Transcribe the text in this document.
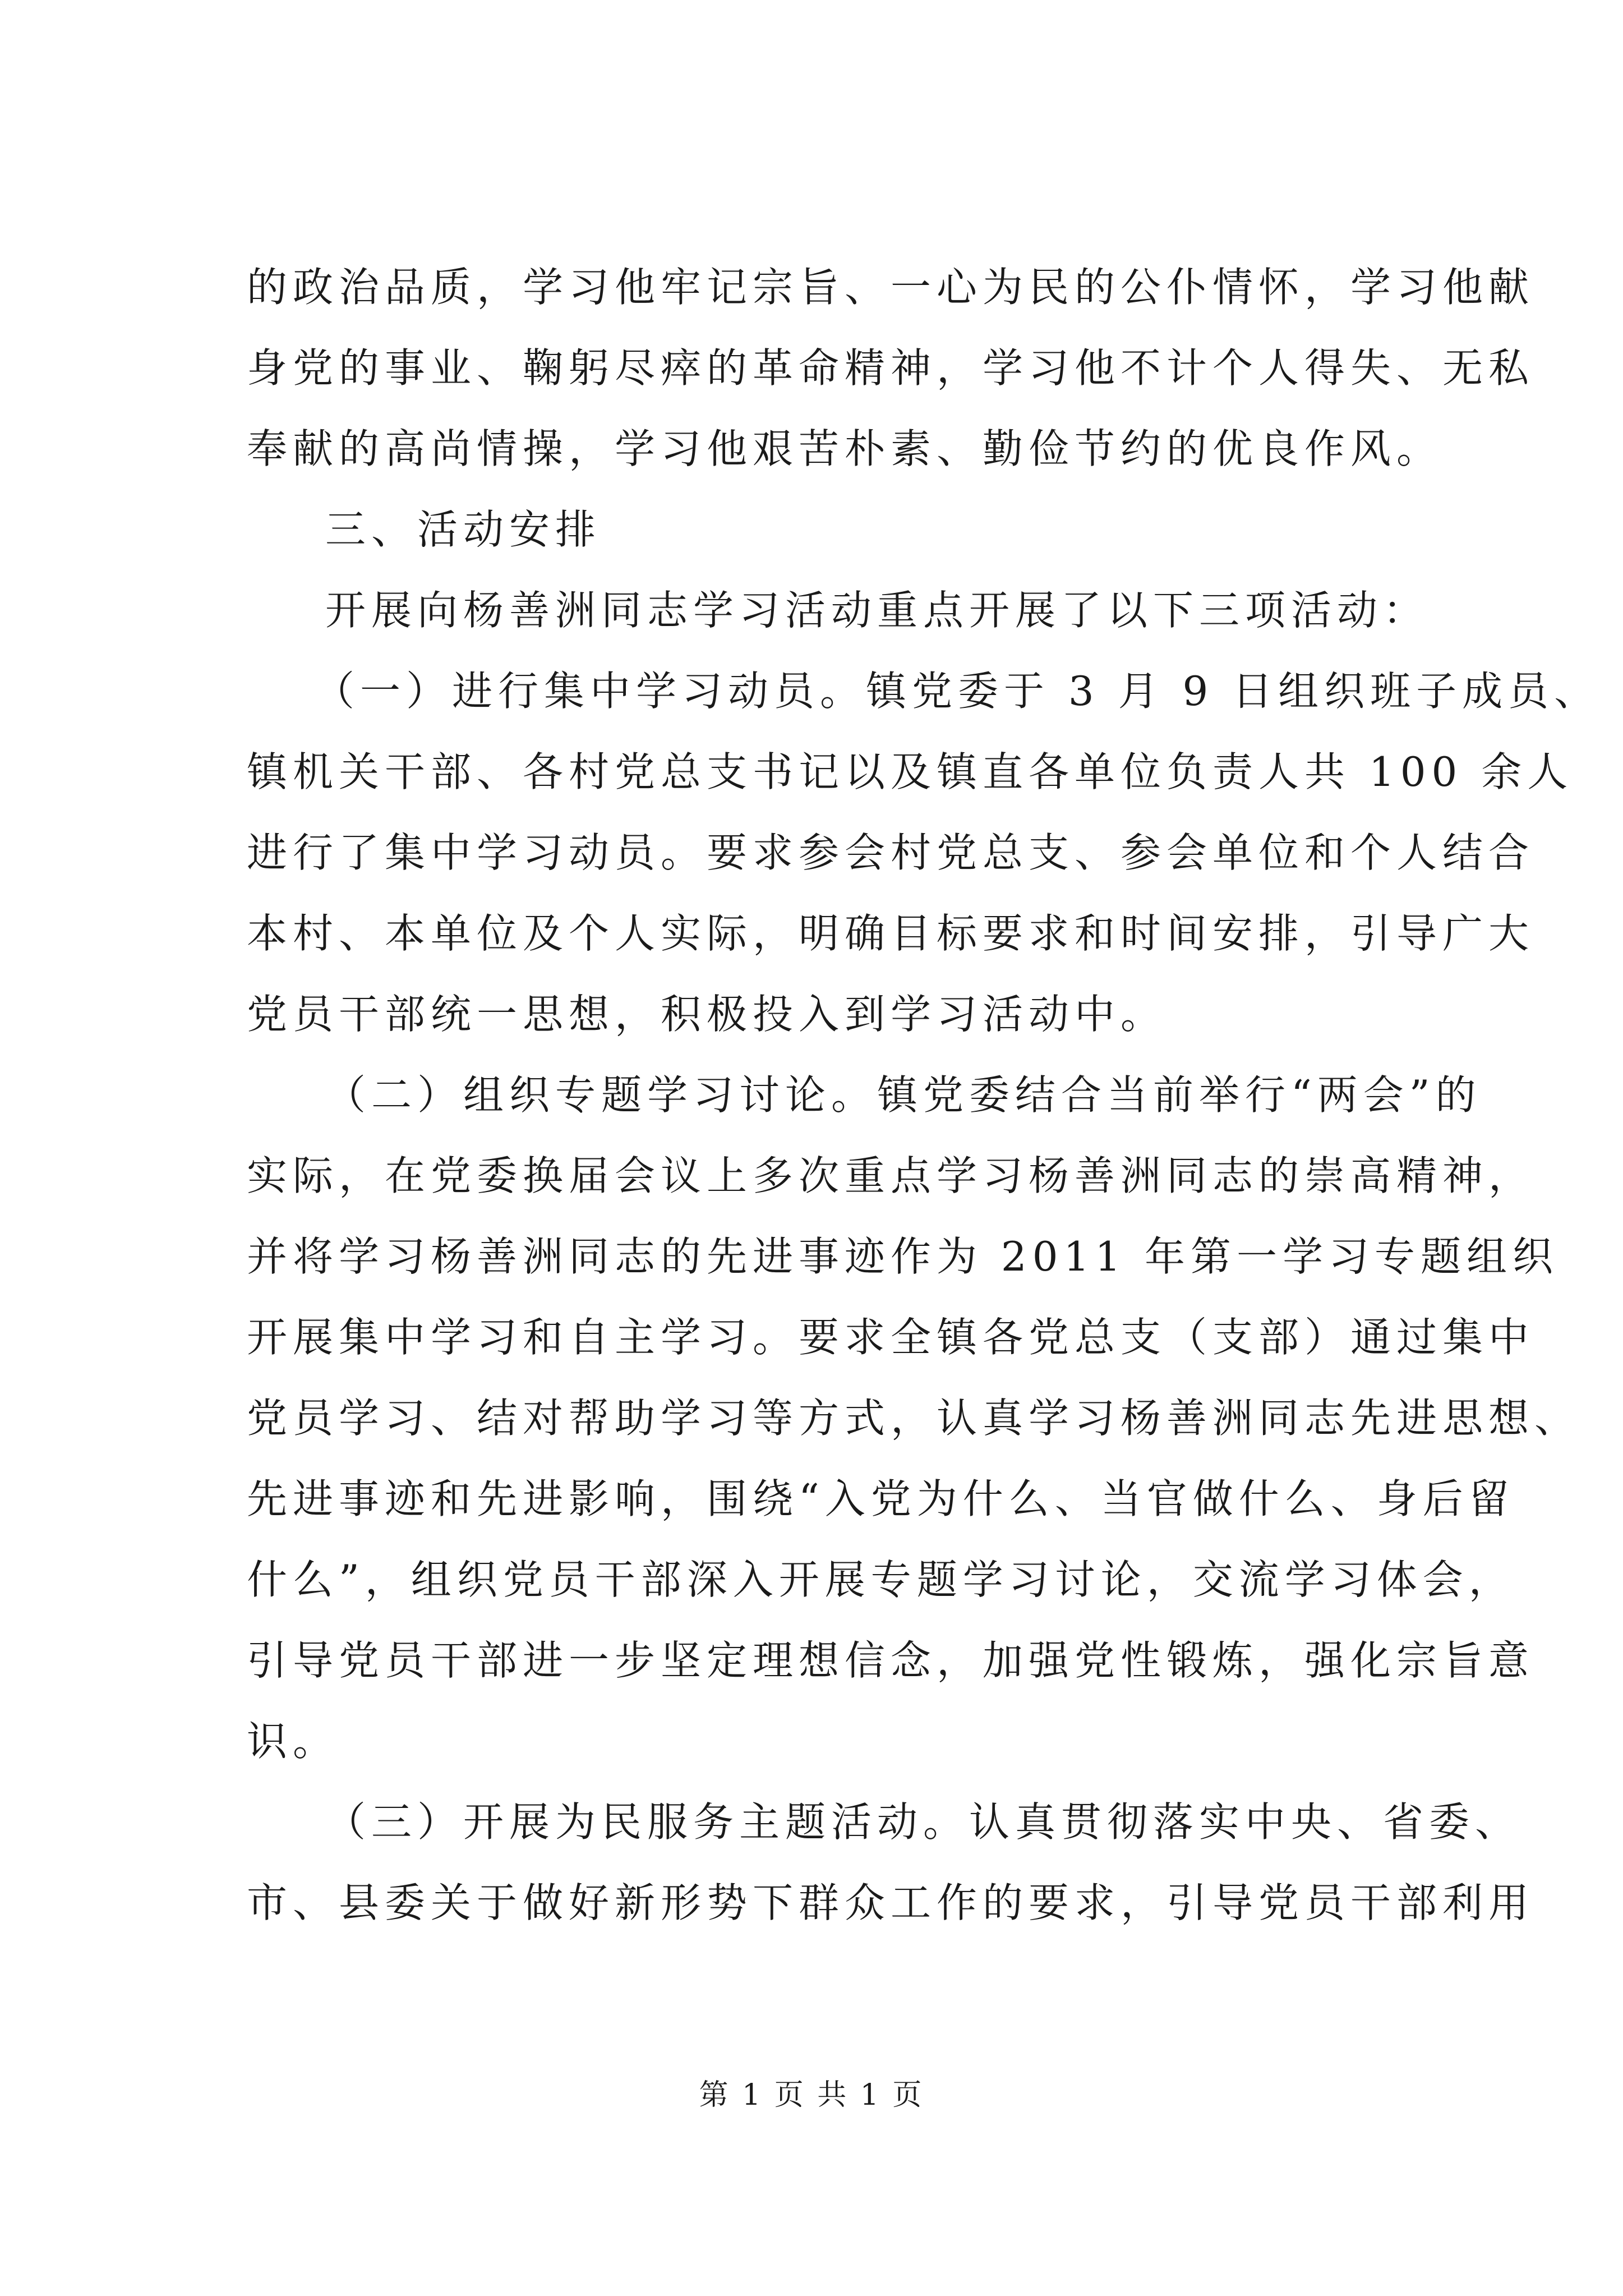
的政治品质，学习他牢记宗旨、一心为民的公仆情怀，学习他献
身党的事业、鞠躬尽瘁的革命精神，学习他不计个人得失、无私
奉献的高尚情操，学习他艰苦朴素、勤俭节约的优良作风。
三、活动安排
开展向杨善洲同志学习活动重点开展了以下三项活动：
（一）进行集中学习动员。镇党委于 3 月 9 日组织班子成员、
镇机关干部、各村党总支书记以及镇直各单位负责人共 100 余人
进行了集中学习动员。要求参会村党总支、参会单位和个人结合
本村、本单位及个人实际，明确目标要求和时间安排，引导广大
党员干部统一思想，积极投入到学习活动中。
（二）组织专题学习讨论。镇党委结合当前举行“两会”的
实际，在党委换届会议上多次重点学习杨善洲同志的崇高精神，
并将学习杨善洲同志的先进事迹作为 2011 年第一学习专题组织
开展集中学习和自主学习。要求全镇各党总支（支部）通过集中
党员学习、结对帮助学习等方式，认真学习杨善洲同志先进思想、
先进事迹和先进影响，围绕“入党为什么、当官做什么、身后留
什么”，组织党员干部深入开展专题学习讨论，交流学习体会，
引导党员干部进一步坚定理想信念，加强党性锻炼，强化宗旨意
识。
（三）开展为民服务主题活动。认真贯彻落实中央、省委、
市、县委关于做好新形势下群众工作的要求，引导党员干部利用
第 1 页 共 1 页
